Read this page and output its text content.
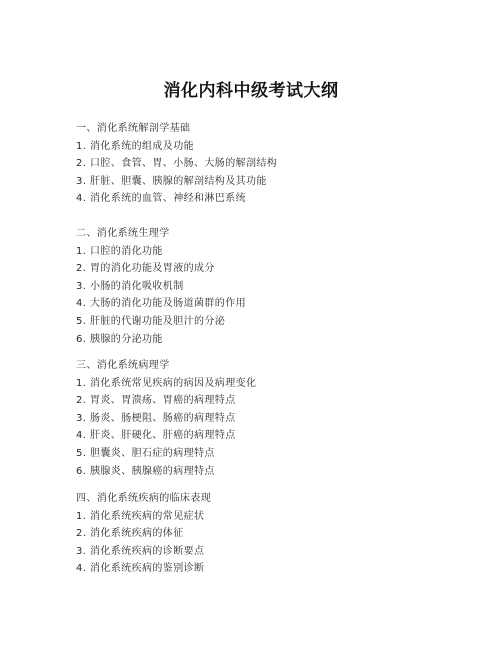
消化内科中级考试大纲
一、消化系统解剖学基础
1. 消化系统的组成及功能
2. 口腔、食管、胃、小肠、大肠的解剖结构
3. 肝脏、胆囊、胰腺的解剖结构及其功能
4. 消化系统的血管、神经和淋巴系统
二、消化系统生理学
1. 口腔的消化功能
2. 胃的消化功能及胃液的成分
3. 小肠的消化吸收机制
4. 大肠的消化功能及肠道菌群的作用
5. 肝脏的代谢功能及胆汁的分泌
6. 胰腺的分泌功能
三、消化系统病理学
1. 消化系统常见疾病的病因及病理变化
2. 胃炎、胃溃疡、胃癌的病理特点
3. 肠炎、肠梗阻、肠癌的病理特点
4. 肝炎、肝硬化、肝癌的病理特点
5. 胆囊炎、胆石症的病理特点
6. 胰腺炎、胰腺癌的病理特点
四、消化系统疾病的临床表现
1. 消化系统疾病的常见症状
2. 消化系统疾病的体征
3. 消化系统疾病的诊断要点
4. 消化系统疾病的鉴别诊断
